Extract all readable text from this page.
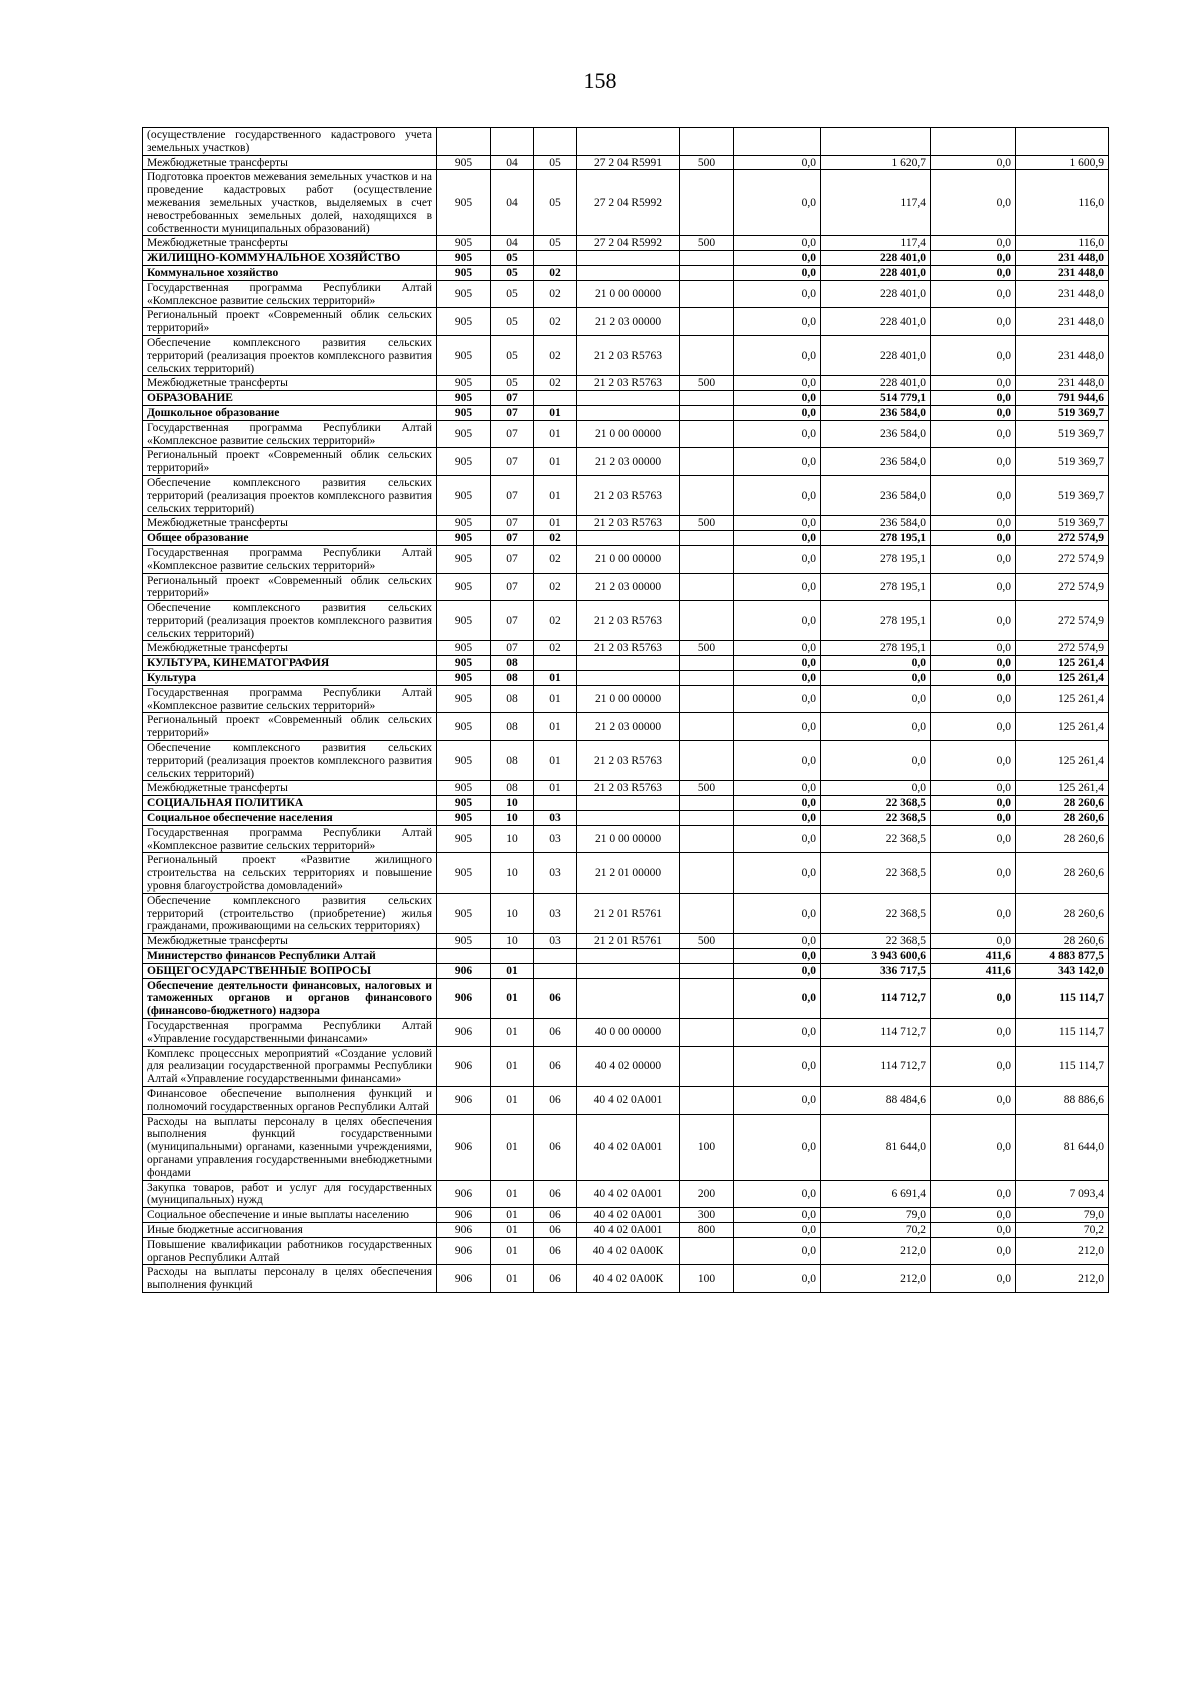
158
(осуществление государственного кадастрового учета земельных участков)									
Межбюджетные трансферты	905	04	05	27 2 04 R5991	500	0,0	1 620,7	0,0	1 600,9
Подготовка проектов межевания земельных участков и на проведение кадастровых работ (осуществление межевания земельных участков, выделяемых в счет невостребованных земельных долей, находящихся в собственности муниципальных образований)	905	04	05	27 2 04 R5992		0,0	117,4	0,0	116,0
Межбюджетные трансферты	905	04	05	27 2 04 R5992	500	0,0	117,4	0,0	116,0
ЖИЛИЩНО-КОММУНАЛЬНОЕ ХОЗЯЙСТВО	905	05				0,0	228 401,0	0,0	231 448,0
Коммунальное хозяйство	905	05	02			0,0	228 401,0	0,0	231 448,0
Государственная программа Республики Алтай «Комплексное развитие сельских территорий»	905	05	02	21 0 00 00000		0,0	228 401,0	0,0	231 448,0
Региональный проект «Современный облик сельских территорий»	905	05	02	21 2 03 00000		0,0	228 401,0	0,0	231 448,0
Обеспечение комплексного развития сельских территорий (реализация проектов комплексного развития сельских территорий)	905	05	02	21 2 03 R5763		0,0	228 401,0	0,0	231 448,0
Межбюджетные трансферты	905	05	02	21 2 03 R5763	500	0,0	228 401,0	0,0	231 448,0
ОБРАЗОВАНИЕ	905	07				0,0	514 779,1	0,0	791 944,6
Дошкольное образование	905	07	01			0,0	236 584,0	0,0	519 369,7
Государственная программа Республики Алтай «Комплексное развитие сельских территорий»	905	07	01	21 0 00 00000		0,0	236 584,0	0,0	519 369,7
Региональный проект «Современный облик сельских территорий»	905	07	01	21 2 03 00000		0,0	236 584,0	0,0	519 369,7
Обеспечение комплексного развития сельских территорий (реализация проектов комплексного развития сельских территорий)	905	07	01	21 2 03 R5763		0,0	236 584,0	0,0	519 369,7
Межбюджетные трансферты	905	07	01	21 2 03 R5763	500	0,0	236 584,0	0,0	519 369,7
Общее образование	905	07	02			0,0	278 195,1	0,0	272 574,9
Государственная программа Республики Алтай «Комплексное развитие сельских территорий»	905	07	02	21 0 00 00000		0,0	278 195,1	0,0	272 574,9
Региональный проект «Современный облик сельских территорий»	905	07	02	21 2 03 00000		0,0	278 195,1	0,0	272 574,9
Обеспечение комплексного развития сельских территорий (реализация проектов комплексного развития сельских территорий)	905	07	02	21 2 03 R5763		0,0	278 195,1	0,0	272 574,9
Межбюджетные трансферты	905	07	02	21 2 03 R5763	500	0,0	278 195,1	0,0	272 574,9
КУЛЬТУРА, КИНЕМАТОГРАФИЯ	905	08				0,0	0,0	0,0	125 261,4
Культура	905	08	01			0,0	0,0	0,0	125 261,4
Государственная программа Республики Алтай «Комплексное развитие сельских территорий»	905	08	01	21 0 00 00000		0,0	0,0	0,0	125 261,4
Региональный проект «Современный облик сельских территорий»	905	08	01	21 2 03 00000		0,0	0,0	0,0	125 261,4
Обеспечение комплексного развития сельских территорий (реализация проектов комплексного развития сельских территорий)	905	08	01	21 2 03 R5763		0,0	0,0	0,0	125 261,4
Межбюджетные трансферты	905	08	01	21 2 03 R5763	500	0,0	0,0	0,0	125 261,4
СОЦИАЛЬНАЯ ПОЛИТИКА	905	10				0,0	22 368,5	0,0	28 260,6
Социальное обеспечение населения	905	10	03			0,0	22 368,5	0,0	28 260,6
Государственная программа Республики Алтай «Комплексное развитие сельских территорий»	905	10	03	21 0 00 00000		0,0	22 368,5	0,0	28 260,6
Региональный проект «Развитие жилищного строительства на сельских территориях и повышение уровня благоустройства домовладений»	905	10	03	21 2 01 00000		0,0	22 368,5	0,0	28 260,6
Обеспечение комплексного развития сельских территорий (строительство (приобретение) жилья гражданами, проживающими на сельских территориях)	905	10	03	21 2 01 R5761		0,0	22 368,5	0,0	28 260,6
Межбюджетные трансферты	905	10	03	21 2 01 R5761	500	0,0	22 368,5	0,0	28 260,6
Министерство финансов Республики Алтай						0,0	3 943 600,6	411,6	4 883 877,5
ОБЩЕГОСУДАРСТВЕННЫЕ ВОПРОСЫ	906	01				0,0	336 717,5	411,6	343 142,0
Обеспечение деятельности финансовых, налоговых и таможенных органов и органов финансового (финансово-бюджетного) надзора	906	01	06			0,0	114 712,7	0,0	115 114,7
Государственная программа Республики Алтай «Управление государственными финансами»	906	01	06	40 0 00 00000		0,0	114 712,7	0,0	115 114,7
Комплекс процессных мероприятий «Создание условий для реализации государственной программы Республики Алтай «Управление государственными финансами»	906	01	06	40 4 02 00000		0,0	114 712,7	0,0	115 114,7
Финансовое обеспечение выполнения функций и полномочий государственных органов Республики Алтай	906	01	06	40 4 02 0А001		0,0	88 484,6	0,0	88 886,6
Расходы на выплаты персоналу в целях обеспечения выполнения функций государственными (муниципальными) органами, казенными учреждениями, органами управления государственными внебюджетными фондами	906	01	06	40 4 02 0А001	100	0,0	81 644,0	0,0	81 644,0
Закупка товаров, работ и услуг для государственных (муниципальных) нужд	906	01	06	40 4 02 0А001	200	0,0	6 691,4	0,0	7 093,4
Социальное обеспечение и иные выплаты населению	906	01	06	40 4 02 0А001	300	0,0	79,0	0,0	79,0
Иные бюджетные ассигнования	906	01	06	40 4 02 0А001	800	0,0	70,2	0,0	70,2
Повышение квалификации работников государственных органов Республики Алтай	906	01	06	40 4 02 0А00К		0,0	212,0	0,0	212,0
Расходы на выплаты персоналу в целях обеспечения выполнения функций	906	01	06	40 4 02 0А00К	100	0,0	212,0	0,0	212,0
